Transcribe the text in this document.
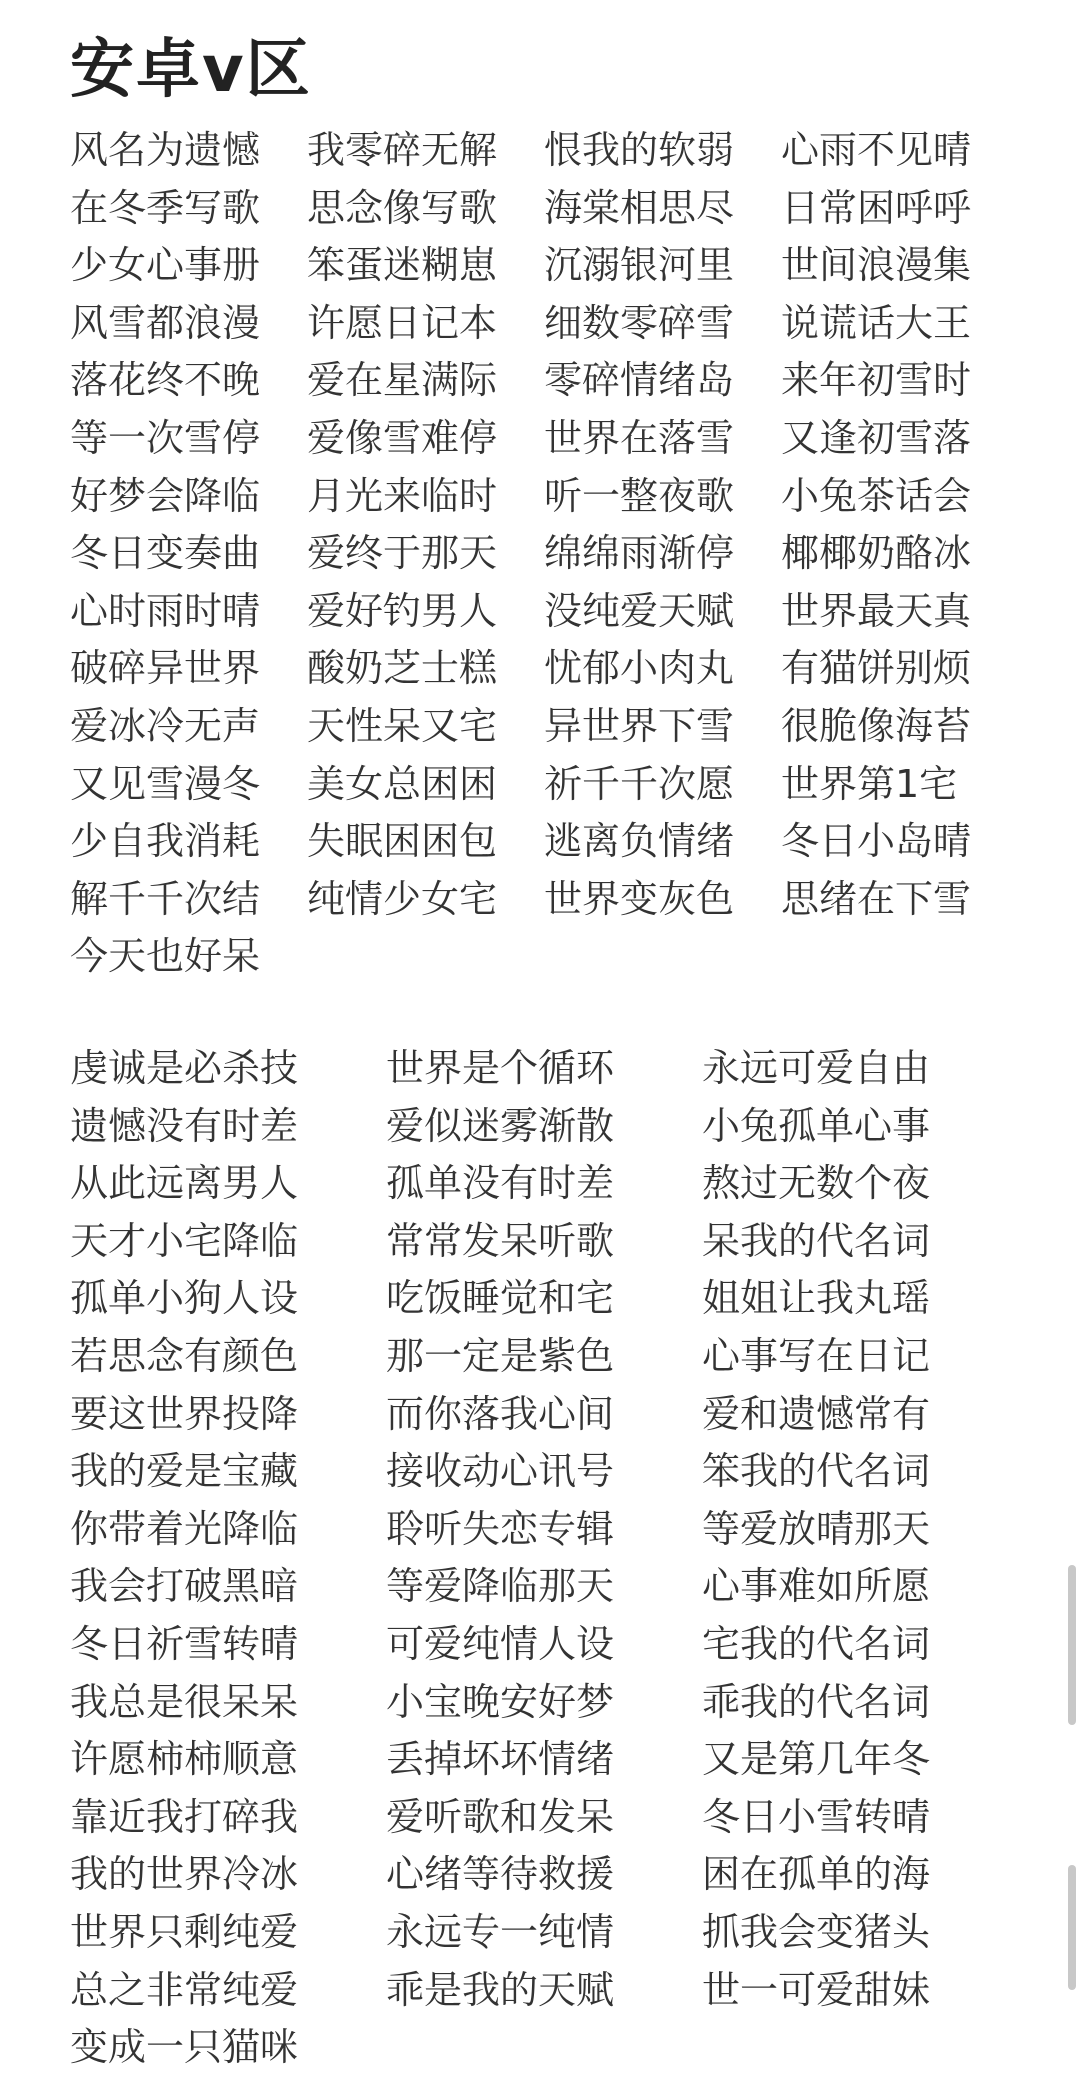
安卓v区
风名为遗憾	我零碎无解	恨我的软弱	心雨不见晴
在冬季写歌	思念像写歌	海棠相思尽	日常困呼呼
少女心事册	笨蛋迷糊崽	沉溺银河里	世间浪漫集
风雪都浪漫	许愿日记本	细数零碎雪	说谎话大王
落花终不晚	爱在星满际	零碎情绪岛	来年初雪时
等一次雪停	爱像雪难停	世界在落雪	又逢初雪落
好梦会降临	月光来临时	听一整夜歌	小兔茶话会
冬日变奏曲	爱终于那天	绵绵雨渐停	椰椰奶酪冰
心时雨时晴	爱好钓男人	没纯爱天赋	世界最天真
破碎异世界	酸奶芝士糕	忧郁小肉丸	有猫饼别烦
爱冰冷无声	天性呆又宅	异世界下雪	很脆像海苔
又见雪漫冬	美女总困困	祈千千次愿	世界第1宅
少自我消耗	失眠困困包	逃离负情绪	冬日小岛晴
解千千次结	纯情少女宅	世界变灰色	思绪在下雪
今天也好呆
虔诚是必杀技	世界是个循环	永远可爱自由
遗憾没有时差	爱似迷雾渐散	小兔孤单心事
从此远离男人	孤单没有时差	熬过无数个夜
天才小宅降临	常常发呆听歌	呆我的代名词
孤单小狗人设	吃饭睡觉和宅	姐姐让我丸瑶
若思念有颜色	那一定是紫色	心事写在日记
要这世界投降	而你落我心间	爱和遗憾常有
我的爱是宝藏	接收动心讯号	笨我的代名词
你带着光降临	聆听失恋专辑	等爱放晴那天
我会打破黑暗	等爱降临那天	心事难如所愿
冬日祈雪转晴	可爱纯情人设	宅我的代名词
我总是很呆呆	小宝晚安好梦	乖我的代名词
许愿柿柿顺意	丢掉坏坏情绪	又是第几年冬
靠近我打碎我	爱听歌和发呆	冬日小雪转晴
我的世界冷冰	心绪等待救援	困在孤单的海
世界只剩纯爱	永远专一纯情	抓我会变猪头
总之非常纯爱	乖是我的天赋	世一可爱甜妹
变成一只猫咪
